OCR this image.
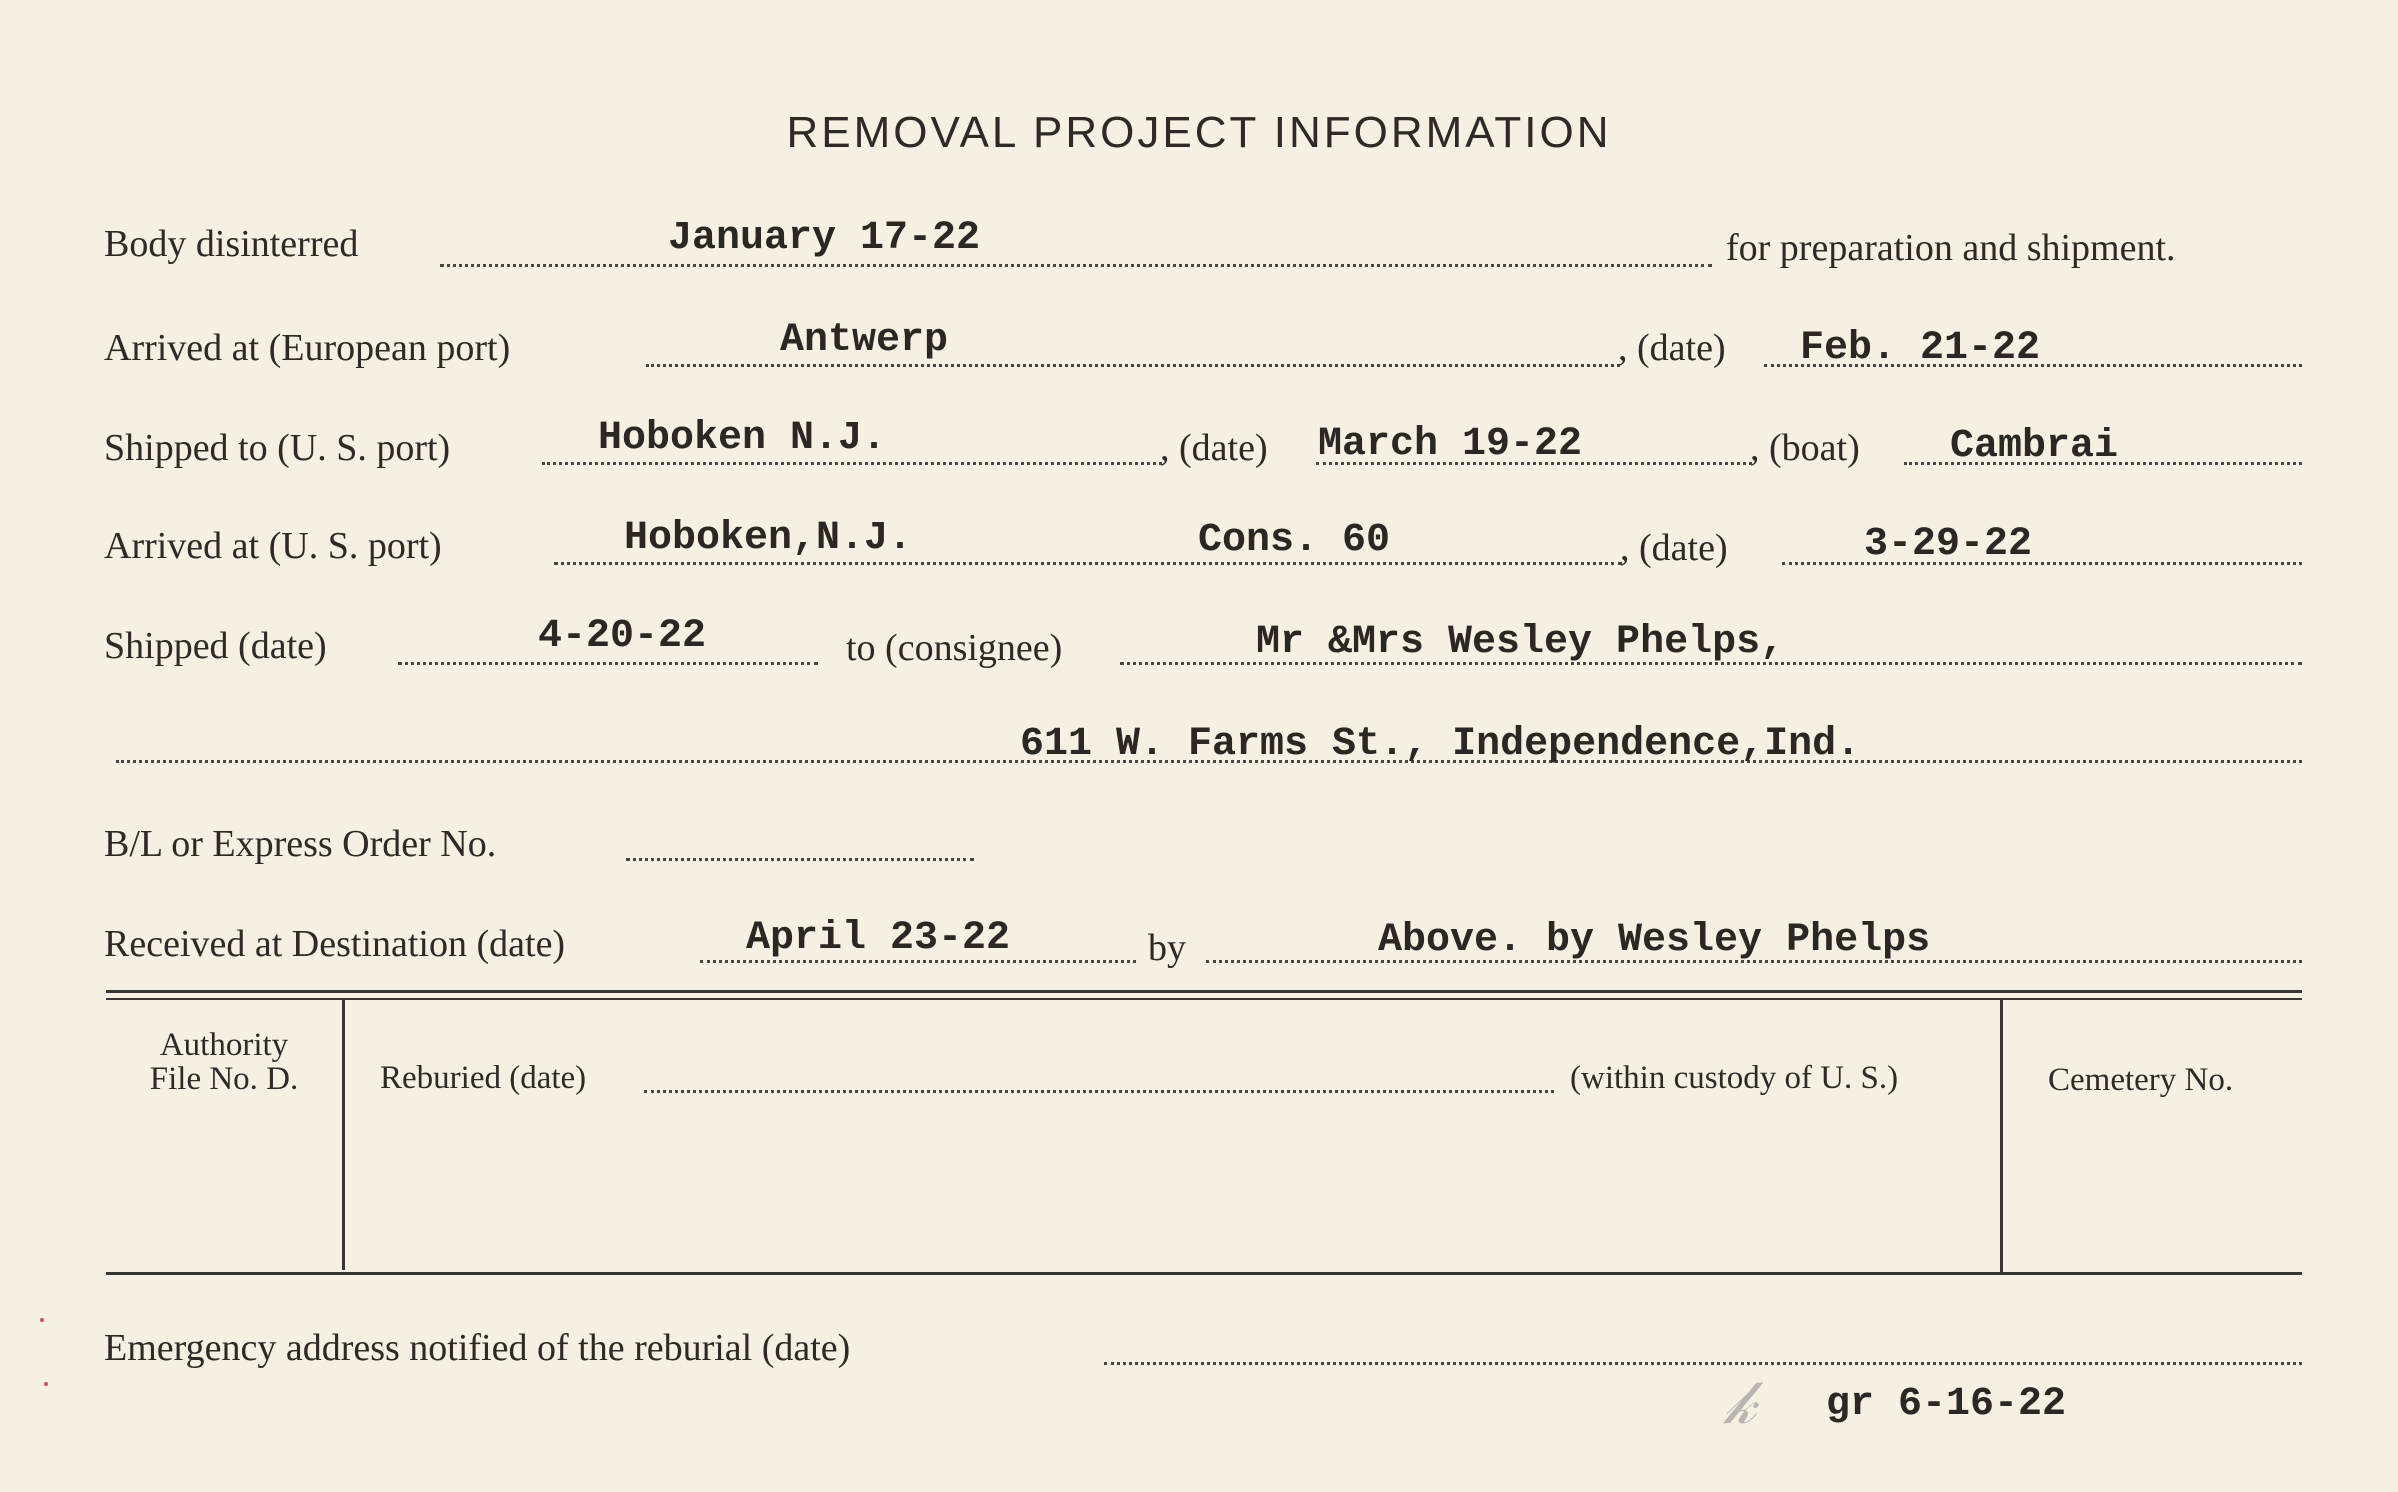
REMOVAL PROJECT INFORMATION
Body disinterred	January 17-22	for preparation and shipment.
Arrived at (European port)	Antwerp	, (date) Feb. 21-22
Shipped to (U. S. port)	Hoboken N.J.	, (date) March 19-22	, (boat) Cambrai
Arrived at (U. S. port)	Hoboken,N.J.	Cons. 60	, (date)	3-29-22
Shipped (date)	4-20-22	to (consignee)	Mr &Mrs Wesley Phelps,
611 W. Farms St., Independence,Ind.
B/L or Express Order No.
Received at Destination (date)	April 23-22	by	Above. by Wesley Phelps
Authority
File No. D.	Reburied (date)	(within custody of U. S.)	Cemetery No.
Emergency address notified of the reburial (date)
𝓀 gr 6-16-22
